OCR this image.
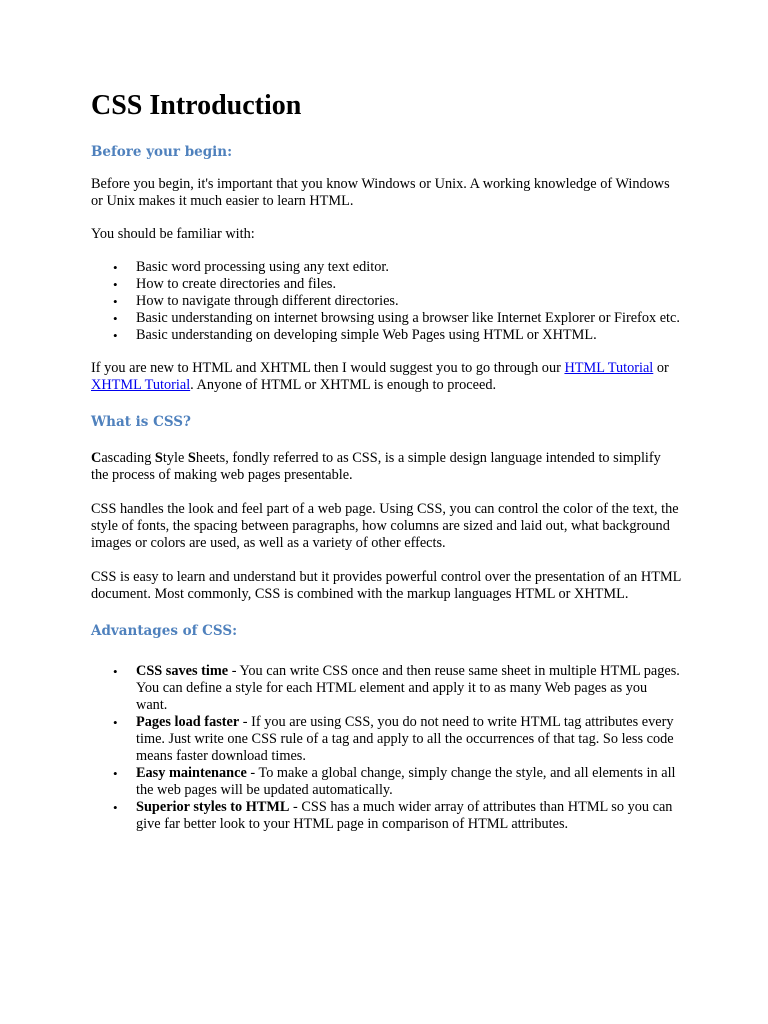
CSS Introduction
Before your begin:

Before you begin, it's important that you know Windows or Unix. A working knowledge of Windows or Unix makes it much easier to learn HTML.

You should be familiar with:

• Basic word processing using any text editor.
• How to create directories and files.
• How to navigate through different directories.
• Basic understanding on internet browsing using a browser like Internet Explorer or Firefox etc.
• Basic understanding on developing simple Web Pages using HTML or XHTML.

If you are new to HTML and XHTML then I would suggest you to go through our HTML Tutorial or XHTML Tutorial. Anyone of HTML or XHTML is enough to proceed.

What is CSS?

Cascading Style Sheets, fondly referred to as CSS, is a simple design language intended to simplify the process of making web pages presentable.

CSS handles the look and feel part of a web page. Using CSS, you can control the color of the text, the style of fonts, the spacing between paragraphs, how columns are sized and laid out, what background images or colors are used, as well as a variety of other effects.

CSS is easy to learn and understand but it provides powerful control over the presentation of an HTML document. Most commonly, CSS is combined with the markup languages HTML or XHTML.

Advantages of CSS:
• CSS saves time - You can write CSS once and then reuse same sheet in multiple HTML pages. You can define a style for each HTML element and apply it to as many Web pages as you want.
• Pages load faster - If you are using CSS, you do not need to write HTML tag attributes every time. Just write one CSS rule of a tag and apply to all the occurrences of that tag. So less code means faster download times.
• Easy maintenance - To make a global change, simply change the style, and all elements in all the web pages will be updated automatically.
• Superior styles to HTML - CSS has a much wider array of attributes than HTML so you can give far better look to your HTML page in comparison of HTML attributes.
